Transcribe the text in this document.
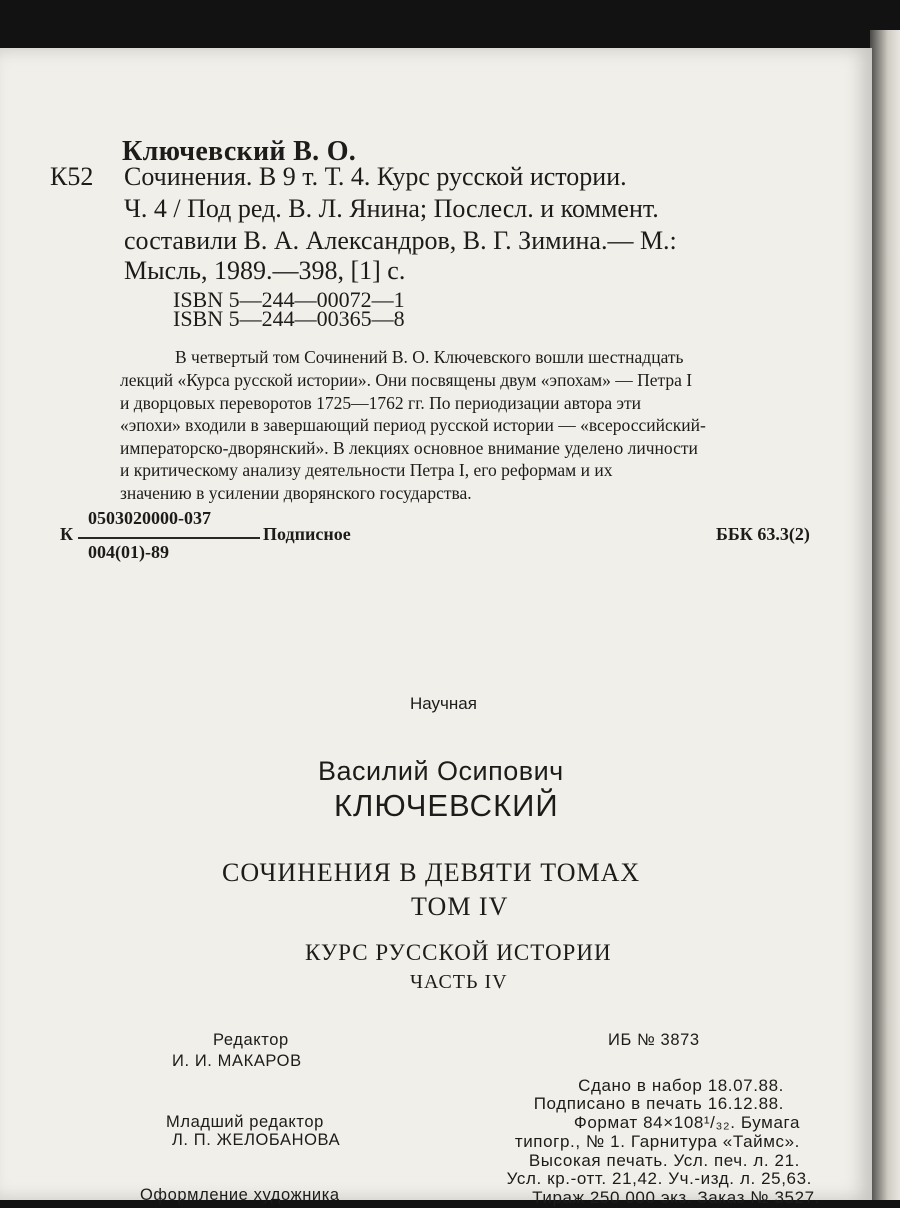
Ключевский В. О.
К52 Сочинения. В 9 т. Т. 4. Курс русской истории.
Ч. 4 / Под ред. В. Л. Янина; Послесл. и коммент.
составили В. А. Александров, В. Г. Зимина.— М.:
Мысль, 1989.—398, [1] с.
ISBN 5—244—00072—1
ISBN 5—244—00365—8
В четвертый том Сочинений В. О. Ключевского вошли шестнадцать
лекций «Курса русской истории». Они посвящены двум «эпохам» — Петра I
и дворцовых переворотов 1725—1762 гг. По периодизации автора эти
«эпохи» входили в завершающий период русской истории — «всероссийский-
императорско-дворянский». В лекциях основное внимание уделено личности
и критическому анализу деятельности Петра I, его реформам и их
значению в усилении дворянского государства.
0503020000-037
К
004(01)-89
Подписное	ББК 63.3(2)
Научная
Василий Осипович
КЛЮЧЕВСКИЙ
СОЧИНЕНИЯ В ДЕВЯТИ ТОМАХ
ТОМ IV
КУРС РУССКОЙ ИСТОРИИ
ЧАСТЬ IV
Редактор
И. И. МАКАРОВ
ИБ № 3873
Младший редактор
Л. П. ЖЕЛОБАНОВА
Оформление художника
Сдано в набор 18.07.88.
Подписано в печать 16.12.88.
Формат 84×108¹/₃₂. Бумага
типогр., № 1. Гарнитура «Таймс».
Высокая печать. Усл. печ. л. 21.
Усл. кр.-отт. 21,42. Уч.-изд. л. 25,63.
Тираж 250 000 экз. Заказ № 3527.
